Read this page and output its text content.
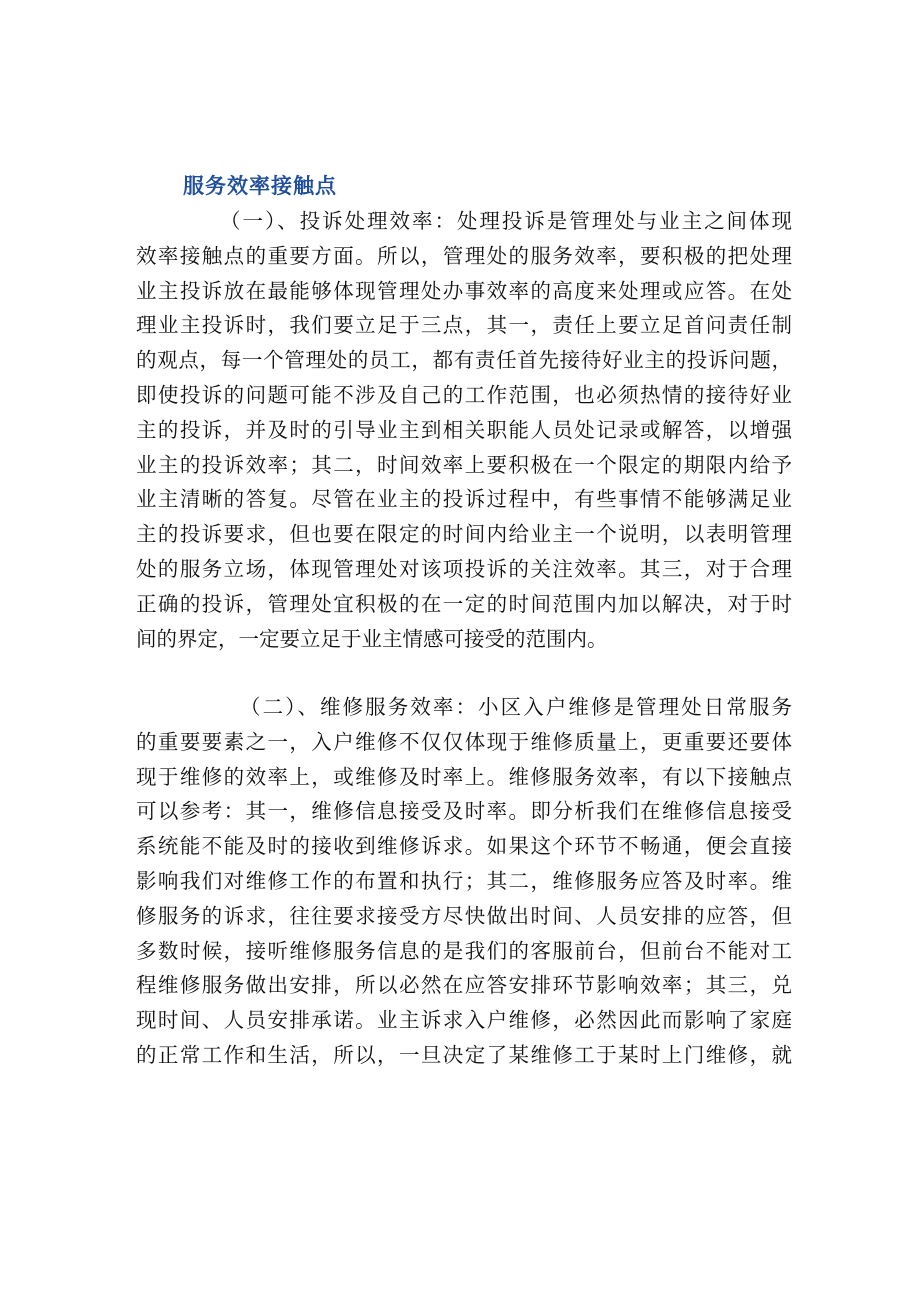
服务效率接触点
（一）、投诉处理效率：处理投诉是管理处与业主之间体现
效率接触点的重要方面。所以，管理处的服务效率，要积极的把处理
业主投诉放在最能够体现管理处办事效率的高度来处理或应答。在处
理业主投诉时，我们要立足于三点，其一，责任上要立足首问责任制
的观点，每一个管理处的员工，都有责任首先接待好业主的投诉问题，
即使投诉的问题可能不涉及自己的工作范围，也必须热情的接待好业
主的投诉，并及时的引导业主到相关职能人员处记录或解答，以增强
业主的投诉效率；其二，时间效率上要积极在一个限定的期限内给予
业主清晰的答复。尽管在业主的投诉过程中，有些事情不能够满足业
主的投诉要求，但也要在限定的时间内给业主一个说明，以表明管理
处的服务立场，体现管理处对该项投诉的关注效率。其三，对于合理
正确的投诉，管理处宜积极的在一定的时间范围内加以解决，对于时
间的界定，一定要立足于业主情感可接受的范围内。
（二）、维修服务效率：小区入户维修是管理处日常服务
的重要要素之一，入户维修不仅仅体现于维修质量上，更重要还要体
现于维修的效率上，或维修及时率上。维修服务效率，有以下接触点
可以参考：其一，维修信息接受及时率。即分析我们在维修信息接受
系统能不能及时的接收到维修诉求。如果这个环节不畅通，便会直接
影响我们对维修工作的布置和执行；其二，维修服务应答及时率。维
修服务的诉求，往往要求接受方尽快做出时间、人员安排的应答，但
多数时候，接听维修服务信息的是我们的客服前台，但前台不能对工
程维修服务做出安排，所以必然在应答安排环节影响效率；其三，兑
现时间、人员安排承诺。业主诉求入户维修，必然因此而影响了家庭
的正常工作和生活，所以，一旦决定了某维修工于某时上门维修，就
